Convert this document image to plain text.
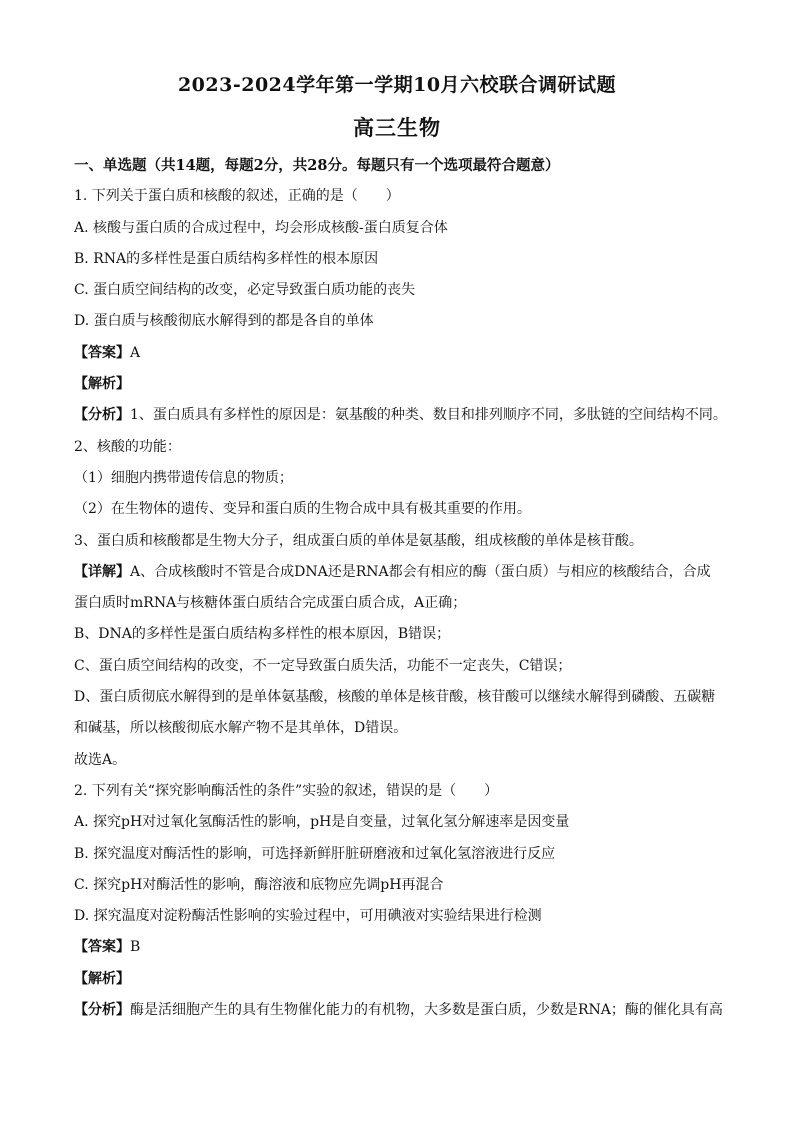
2023-2024学年第一学期10月六校联合调研试题
高三生物
一、单选题（共14题，每题2分，共28分。每题只有一个选项最符合题意）
1. 下列关于蛋白质和核酸的叙述，正确的是（　　）
A. 核酸与蛋白质的合成过程中，均会形成核酸-蛋白质复合体
B. RNA的多样性是蛋白质结构多样性的根本原因
C. 蛋白质空间结构的改变，必定导致蛋白质功能的丧失
D. 蛋白质与核酸彻底水解得到的都是各自的单体
【答案】A
【解析】
【分析】1、蛋白质具有多样性的原因是：氨基酸的种类、数目和排列顺序不同，多肽链的空间结构不同。
2、核酸的功能：
（1）细胞内携带遗传信息的物质；
（2）在生物体的遗传、变异和蛋白质的生物合成中具有极其重要的作用。
3、蛋白质和核酸都是生物大分子，组成蛋白质的单体是氨基酸，组成核酸的单体是核苷酸。
【详解】A、合成核酸时不管是合成DNA还是RNA都会有相应的酶（蛋白质）与相应的核酸结合，合成
蛋白质时mRNA与核糖体蛋白质结合完成蛋白质合成，A正确；
B、DNA的多样性是蛋白质结构多样性的根本原因，B错误；
C、蛋白质空间结构的改变，不一定导致蛋白质失活，功能不一定丧失，C错误；
D、蛋白质彻底水解得到的是单体氨基酸，核酸的单体是核苷酸，核苷酸可以继续水解得到磷酸、五碳糖
和碱基，所以核酸彻底水解产物不是其单体，D错误。
故选A。
2. 下列有关“探究影响酶活性的条件”实验的叙述，错误的是（　　）
A. 探究pH对过氧化氢酶活性的影响，pH是自变量，过氧化氢分解速率是因变量
B. 探究温度对酶活性的影响，可选择新鲜肝脏研磨液和过氧化氢溶液进行反应
C. 探究pH对酶活性的影响，酶溶液和底物应先调pH再混合
D. 探究温度对淀粉酶活性影响的实验过程中，可用碘液对实验结果进行检测
【答案】B
【解析】
【分析】酶是活细胞产生的具有生物催化能力的有机物，大多数是蛋白质，少数是RNA；酶的催化具有高
